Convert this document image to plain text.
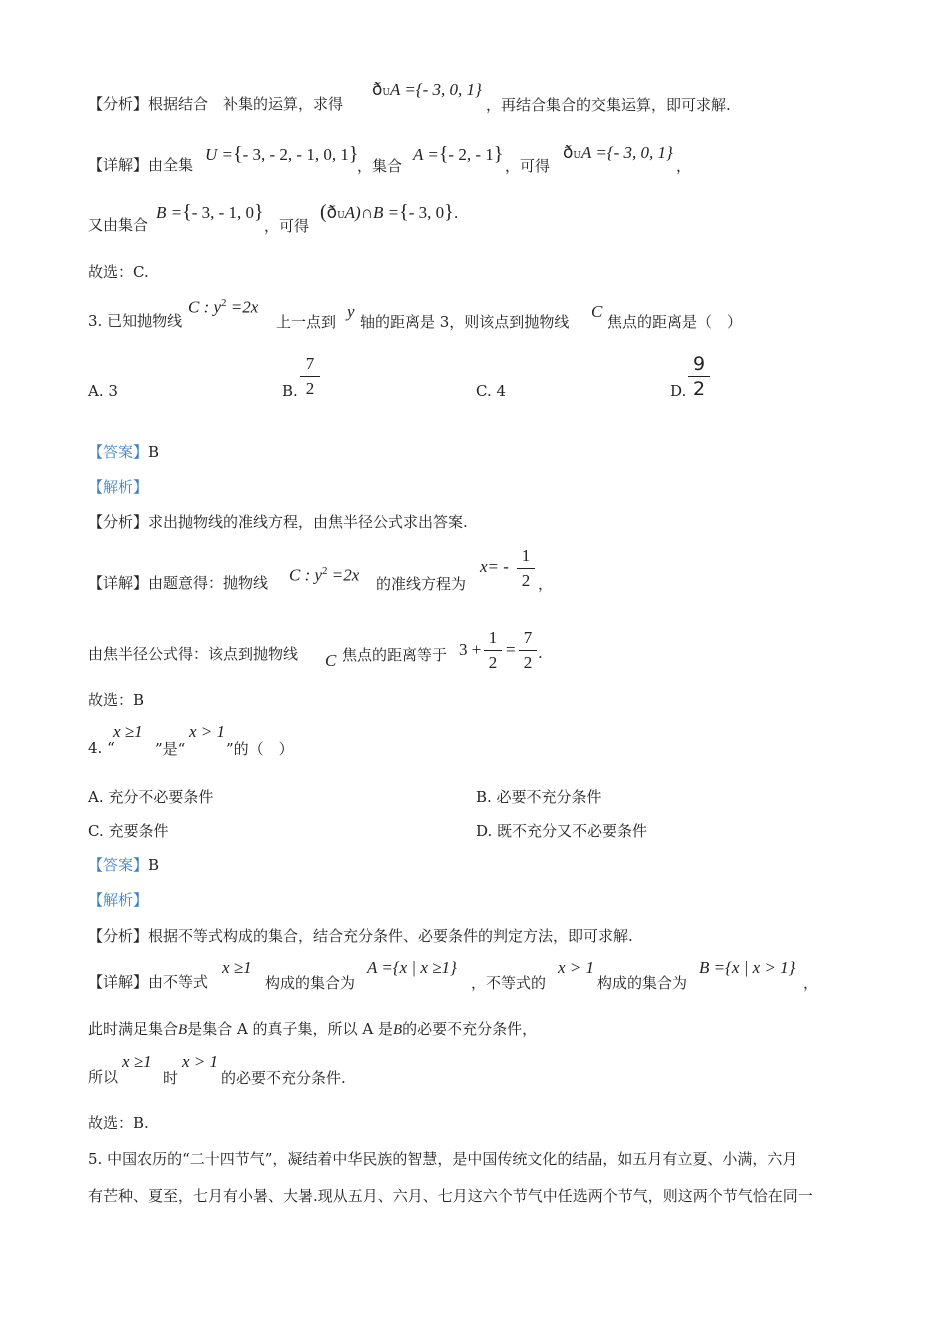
【分析】根据结合　补集的运算，求得
ðUA ={- 3, 0, 1}
，再结合集合的交集运算，即可求解.
【详解】由全集
U ={- 3, - 2, - 1, 0, 1}
，集合
A ={- 2, - 1}
，可得
ðUA ={- 3, 0, 1}
，
又由集合
B ={- 3, - 1, 0}
，可得
(ðUA)∩B ={- 3, 0}.
故选：C.
3. 已知抛物线
C : $y^2 =2x$
上一点到
y
轴的距离是 3，则该点到抛物线
C
焦点的距离是（　）
A. 3	B.
7
2	C. 4	D.
9
2
【答案】B
【解析】
【分析】求出抛物线的准线方程，由焦半径公式求出答案.
【详解】由题意得：抛物线 C : $y^2 =2x$ 的准线方程为
x= -
1
2 ，
由焦半径公式得：该点到抛物线 C 焦点的距离等于 3 +
1
2
=
7
2 .
故选：B
4. “
x ≥1
”是“
x > 1
”的（　）
A. 充分不必要条件	B. 必要不充分条件
C. 充要条件	D. 既不充分又不必要条件
【答案】B
【解析】
【分析】根据不等式构成的集合，结合充分条件、必要条件的判定方法，即可求解.
【详解】由不等式
x ≥1
构成的集合为
A ={x | x ≥1}
，不等式的
x > 1
构成的集合为
B ={x | x > 1}
，
此时满足集合B是集合 A 的真子集，所以 A 是B的必要不充分条件，
所以
x ≥1
时
x > 1
的必要不充分条件.
故选：B.
5. 中国农历的“二十四节气”，凝结着中华民族的智慧，是中国传统文化的结晶，如五月有立夏、小满，六月
有芒种、夏至，七月有小暑、大暑.现从五月、六月、七月这六个节气中任选两个节气，则这两个节气恰在同一
